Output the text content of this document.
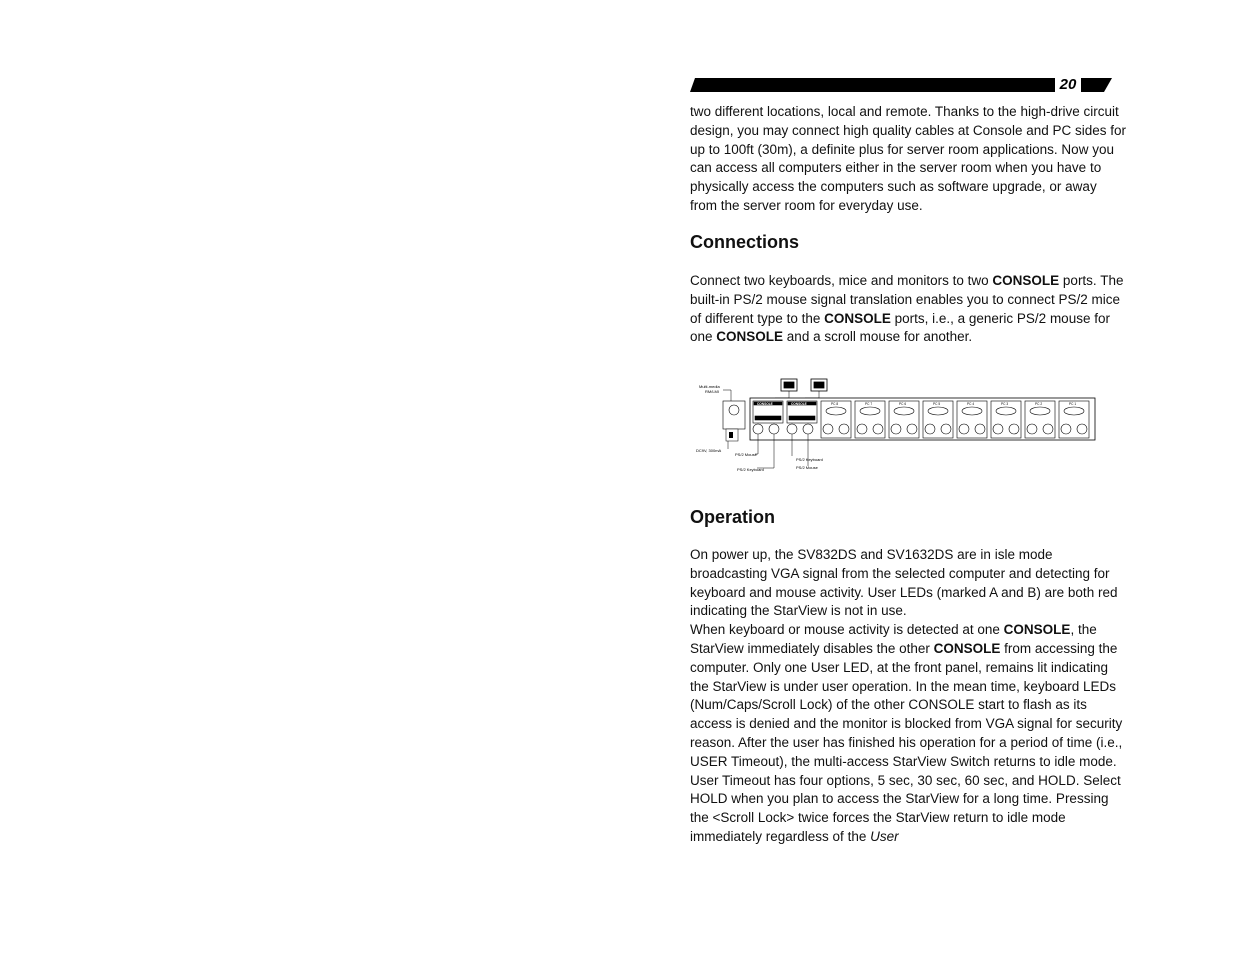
20

two different locations, local and remote. Thanks to the high-drive circuit design, you may connect high quality cables at Console and PC sides for up to 100ft (30m), a definite plus for server room applications. Now you can access all computers either in the server room when you have to physically access the computers such as software upgrade, or away from the server room for everyday use.

Connections

Connect two keyboards, mice and monitors to two CONSOLE ports. The built-in PS/2 mouse signal translation enables you to connect PS/2 mice of different type to the CONSOLE ports, i.e., a generic PS/2 mouse for one CONSOLE and a scroll mouse for another.

Multi-media
RM/LMI
DC9V, 300mA
PS/2 Mouse
PS/2 Keyboard
PS/2 Keyboard
PS/2 Mouse
CONSOLE	CONSOLE	PC 8	PC 7	PC 6	PC 5	PC 4	PC 3	PC 2	PC 1
Operation

On power up, the SV832DS and SV1632DS are in isle mode broadcasting VGA signal from the selected computer and detecting for keyboard and mouse activity. User LEDs (marked A and B) are both red indicating the StarView is not in use.

When keyboard or mouse activity is detected at one CONSOLE, the StarView immediately disables the other CONSOLE from accessing the computer. Only one User LED, at the front panel, remains lit indicating the StarView is under user operation. In the mean time, keyboard LEDs (Num/Caps/Scroll Lock) of the other CONSOLE start to flash as its access is denied and the monitor is blocked from VGA signal for security reason. After the user has finished his operation for a period of time (i.e., USER Timeout), the multi-access StarView Switch returns to idle mode. User Timeout has four options, 5 sec, 30 sec, 60 sec, and HOLD. Select HOLD when you plan to access the StarView for a long time. Pressing the <Scroll Lock> twice forces the StarView return to idle mode immediately regardless of the User
